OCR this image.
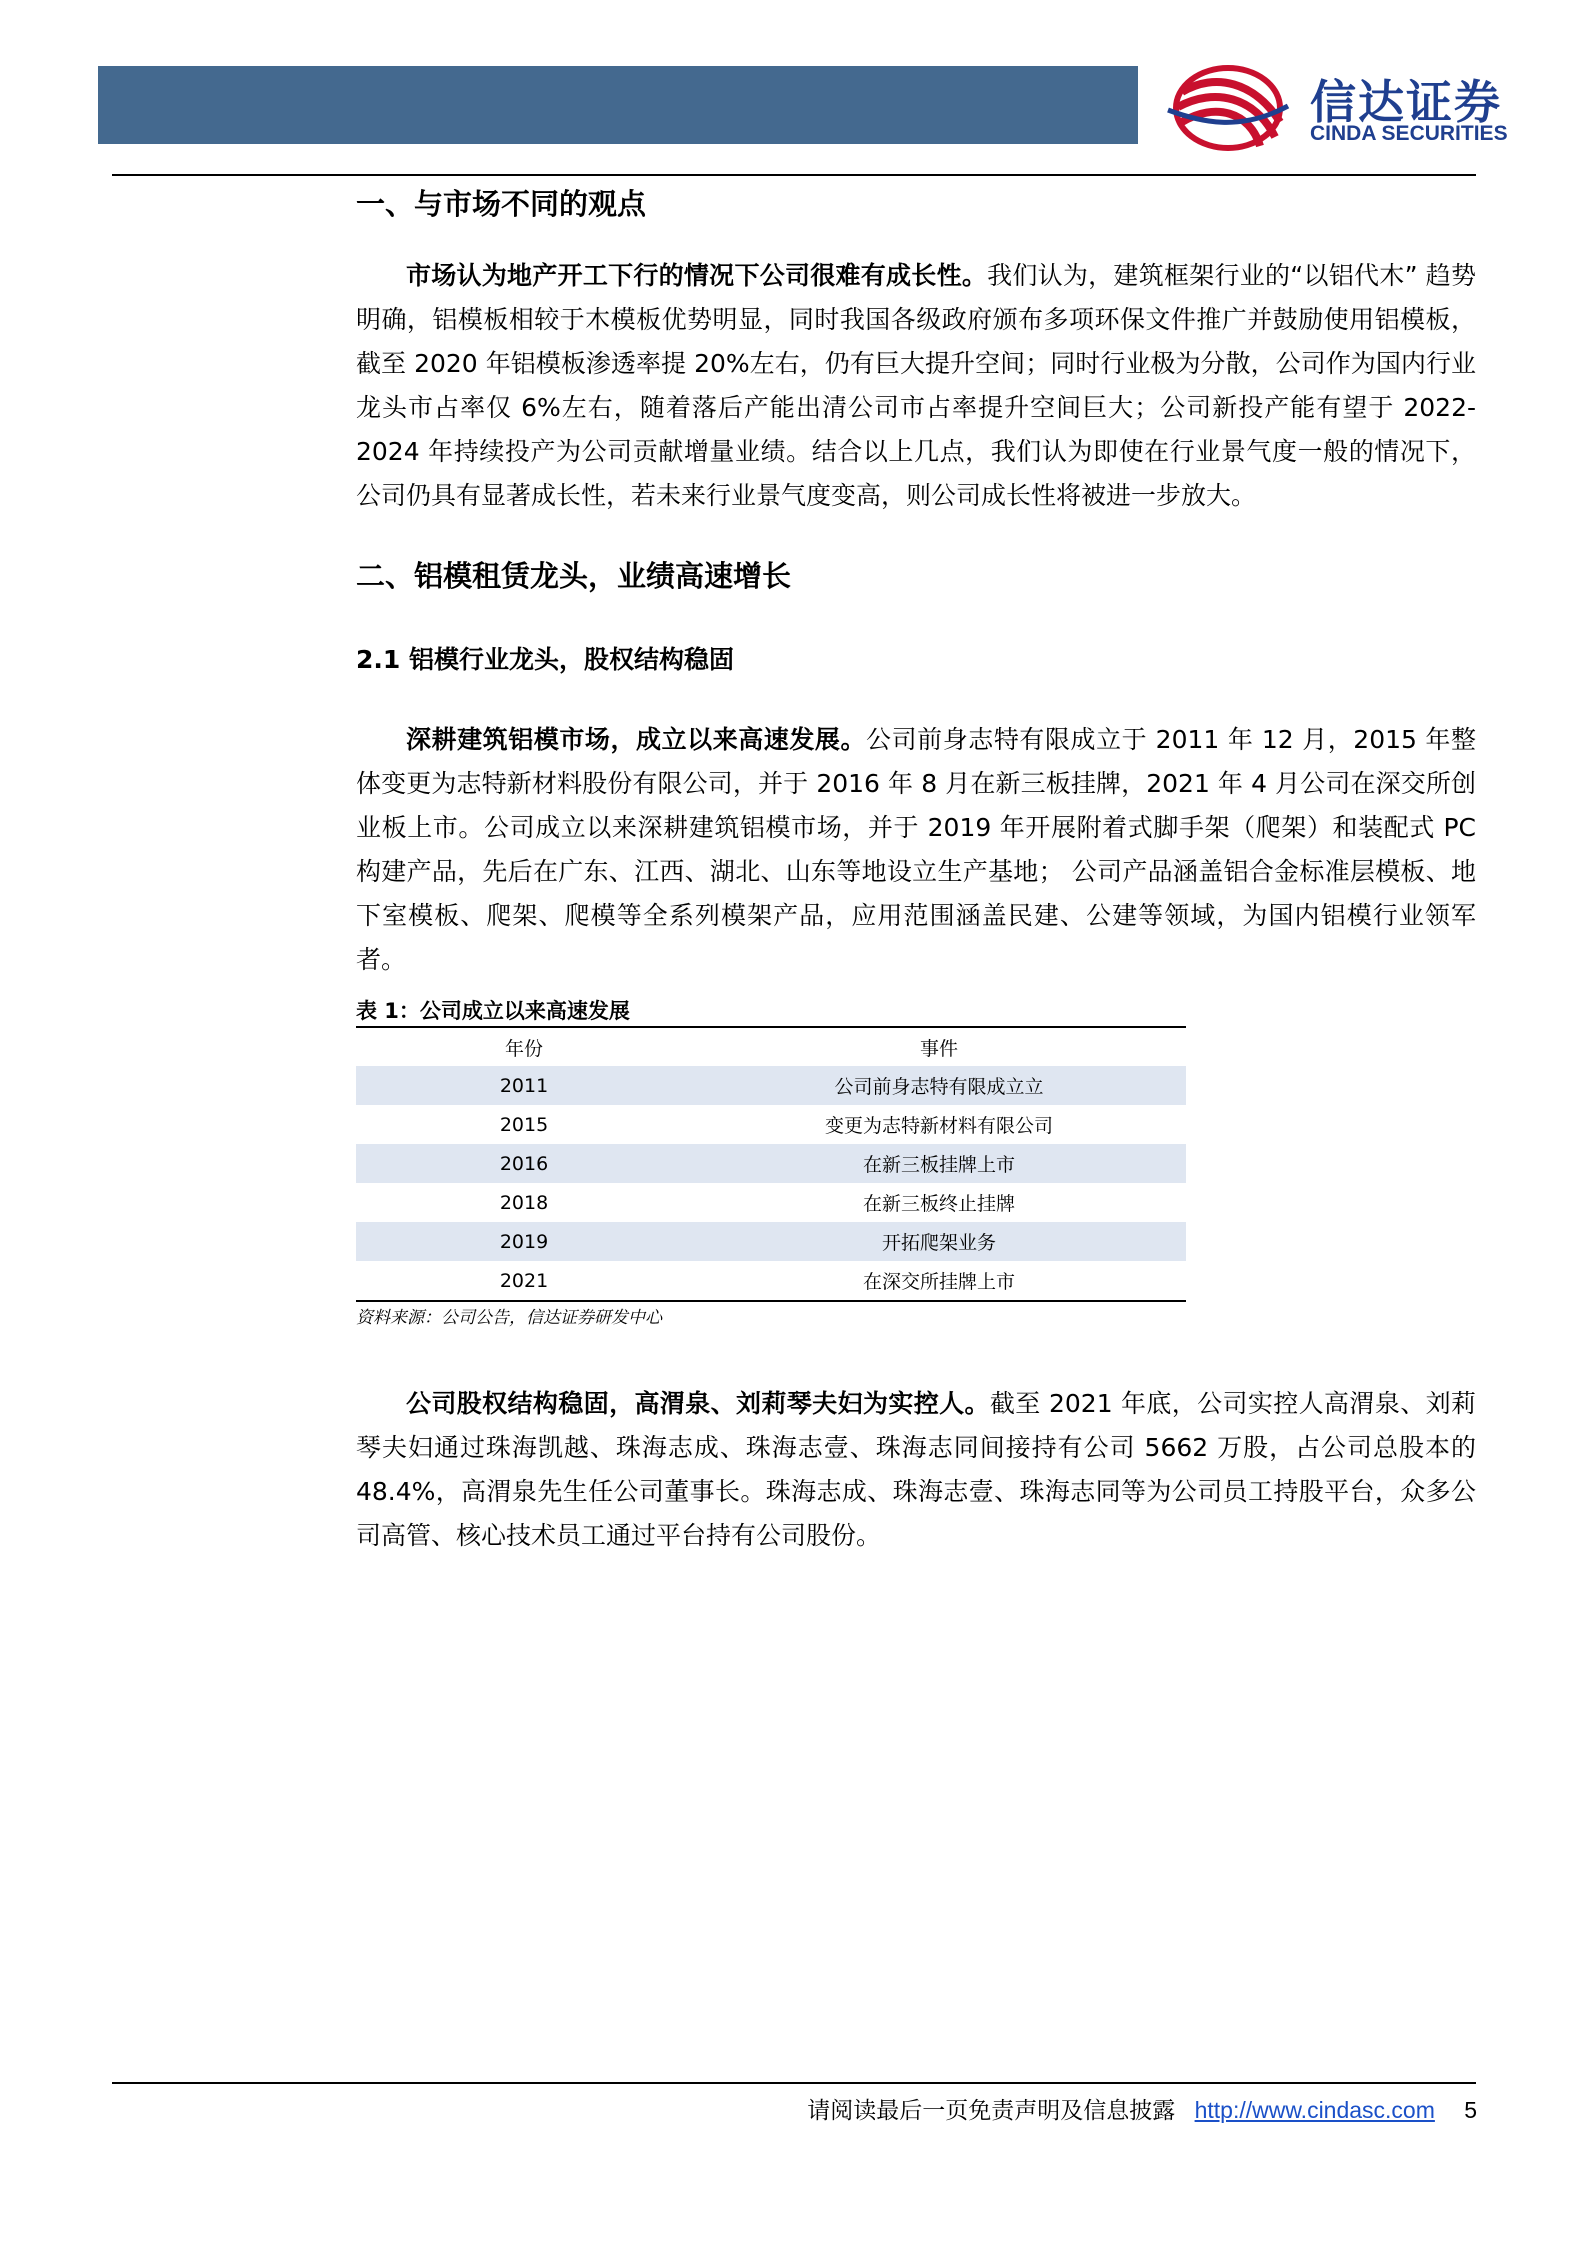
信达证券
CINDA SECURITIES
一、与市场不同的观点

市场认为地产开工下行的情况下公司很难有成长性。我们认为，建筑框架行业的“以铝代木” 趋势明确，铝模板相较于木模板优势明显，同时我国各级政府颁布多项环保文件推广并鼓励使用铝模板，截至 2020 年铝模板渗透率提 20%左右，仍有巨大提升空间；同时行业极为分散，公司作为国内行业龙头市占率仅 6%左右，随着落后产能出清公司市占率提升空间巨大；公司新投产能有望于 2022-2024 年持续投产为公司贡献增量业绩。结合以上几点，我们认为即使在行业景气度一般的情况下，公司仍具有显著成长性，若未来行业景气度变高，则公司成长性将被进一步放大。

二、铝模租赁龙头，业绩高速增长
2.1 铝模行业龙头，股权结构稳固

深耕建筑铝模市场，成立以来高速发展。公司前身志特有限成立于 2011 年 12 月，2015 年整体变更为志特新材料股份有限公司，并于 2016 年 8 月在新三板挂牌，2021 年 4 月公司在深交所创业板上市。公司成立以来深耕建筑铝模市场，并于 2019 年开展附着式脚手架（爬架）和装配式 PC 构建产品，先后在广东、江西、湖北、山东等地设立生产基地； 公司产品涵盖铝合金标准层模板、地下室模板、爬架、爬模等全系列模架产品，应用范围涵盖民建、公建等领域，为国内铝模行业领军者。

表 1：公司成立以来高速发展
年份	事件
2011	公司前身志特有限成立立
2015	变更为志特新材料有限公司
2016	在新三板挂牌上市
2018	在新三板终止挂牌
2019	开拓爬架业务
2021	在深交所挂牌上市
资料来源：公司公告，信达证券研发中心

公司股权结构稳固，高渭泉、刘莉琴夫妇为实控人。截至 2021 年底，公司实控人高渭泉、刘莉琴夫妇通过珠海凯越、珠海志成、珠海志壹、珠海志同间接持有公司 5662 万股，占公司总股本的 48.4%，高渭泉先生任公司董事长。珠海志成、珠海志壹、珠海志同等为公司员工持股平台，众多公司高管、核心技术员工通过平台持有公司股份。

请阅读最后一页免责声明及信息披露 http://www.cindasc.com 5
